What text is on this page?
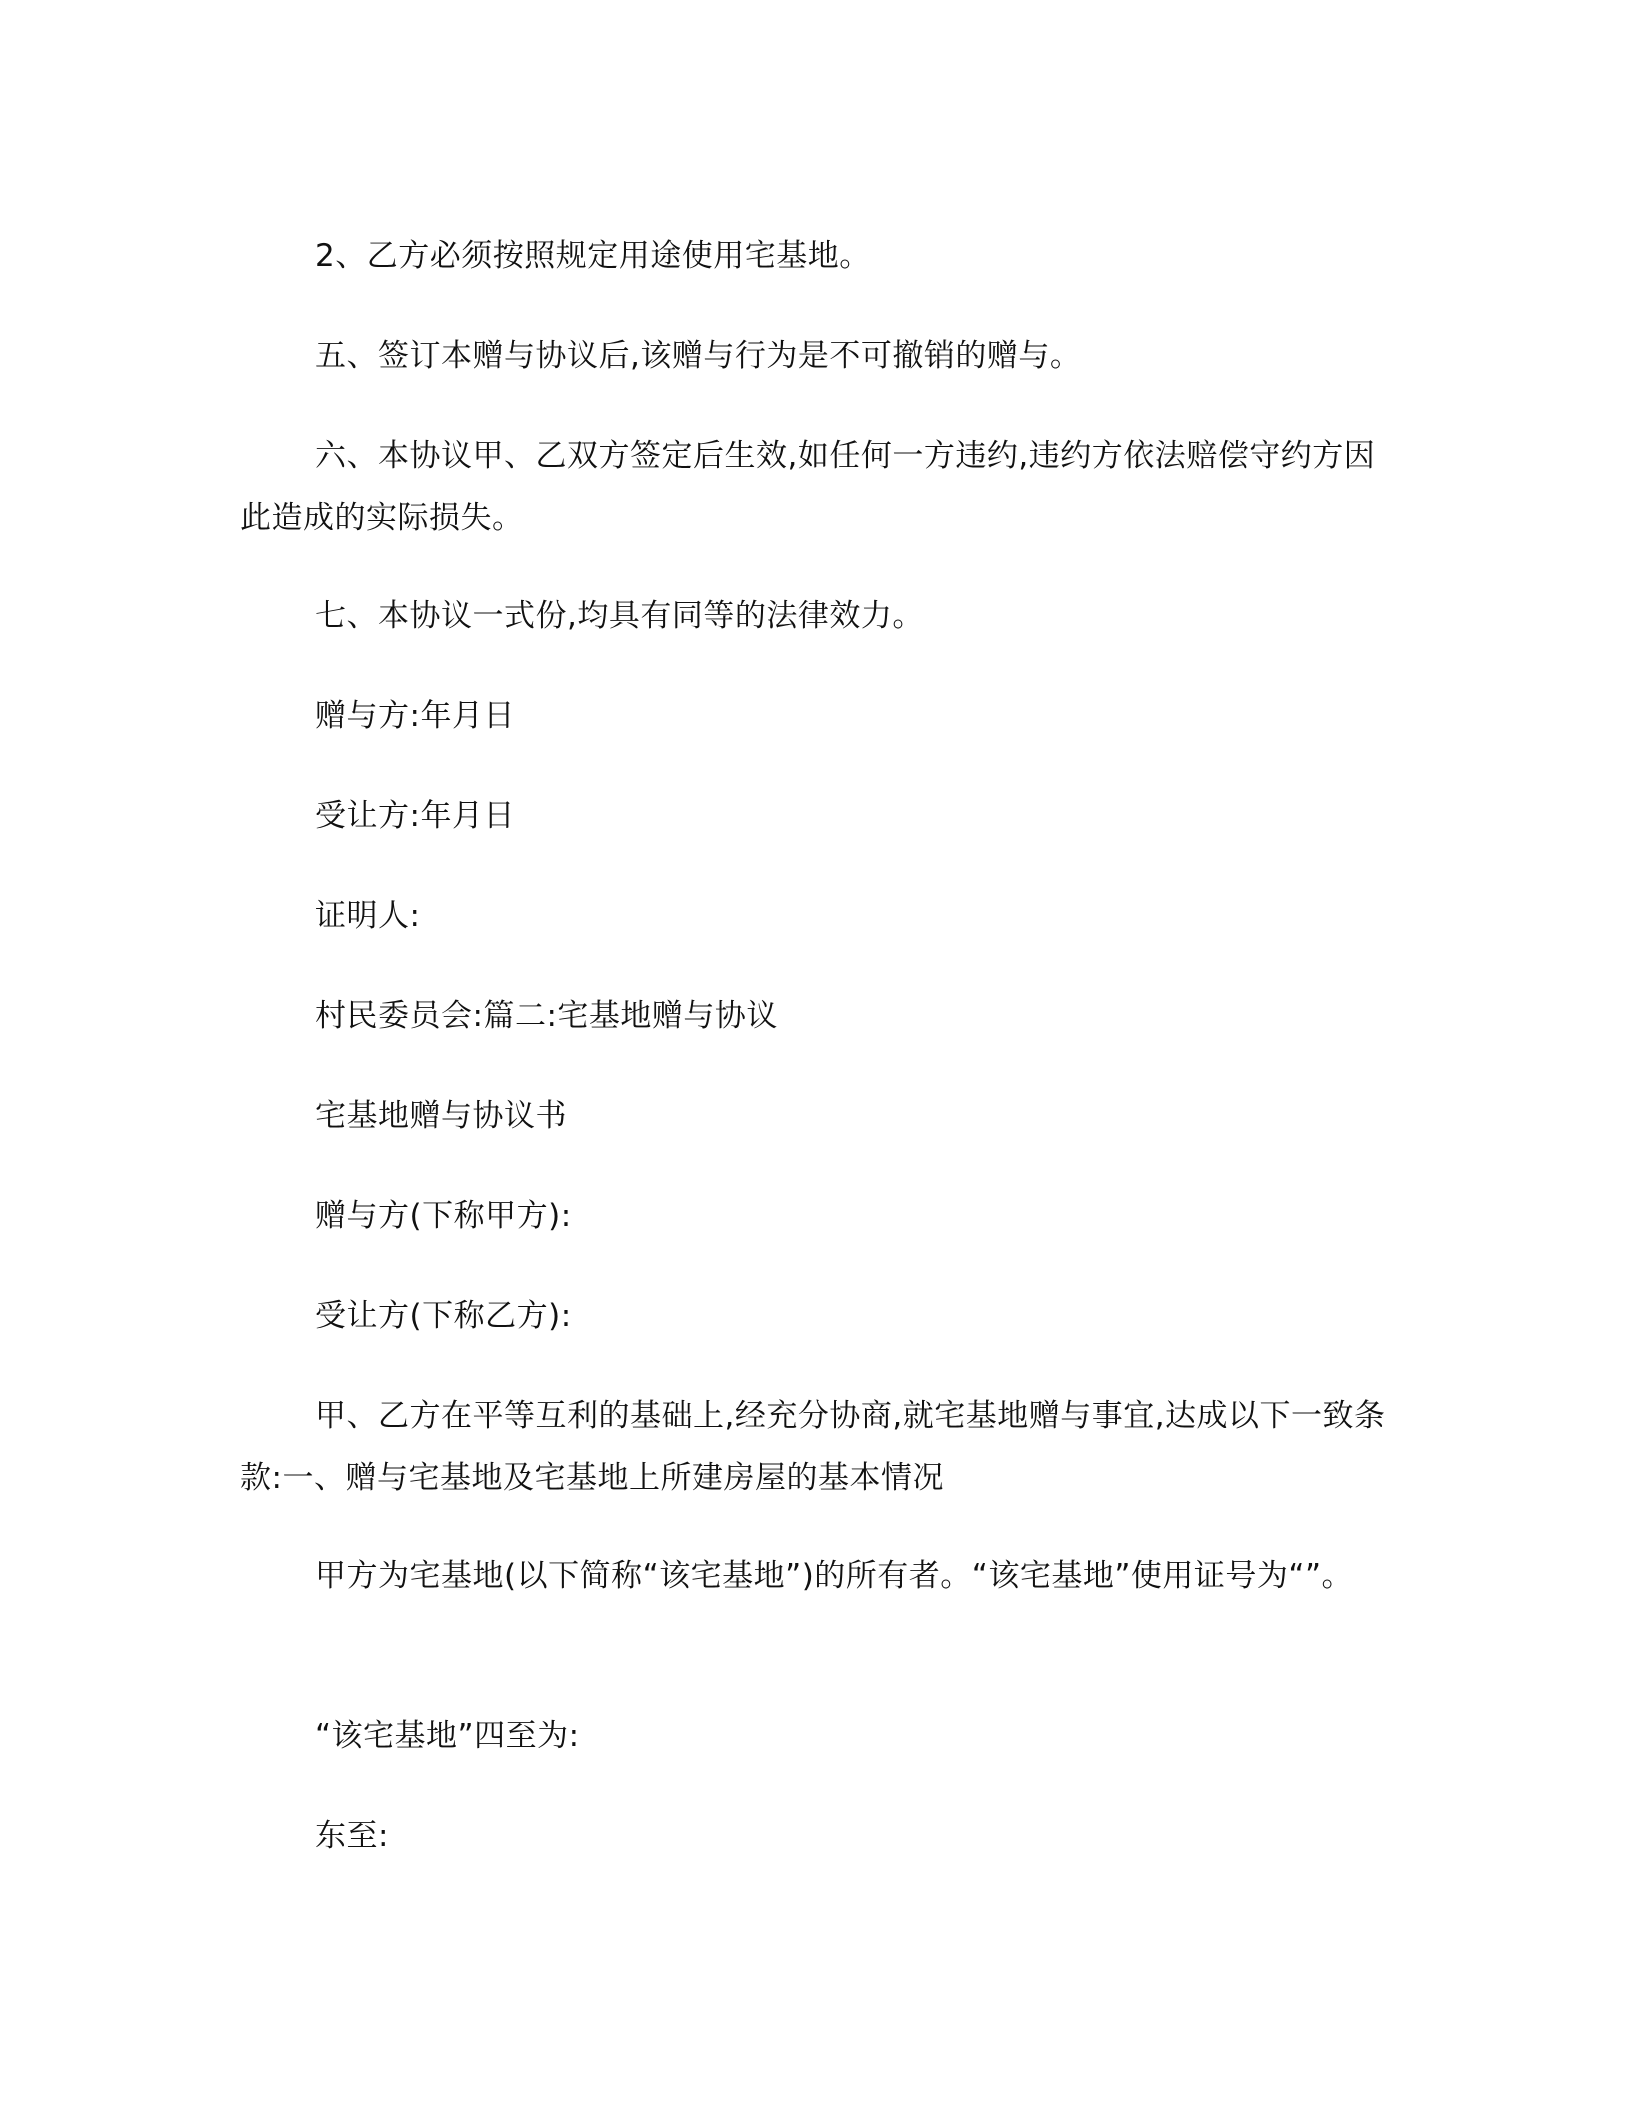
2、乙方必须按照规定用途使用宅基地。

五、签订本赠与协议后,该赠与行为是不可撤销的赠与。

六、本协议甲、乙双方签定后生效,如任何一方违约,违约方依法赔偿守约方因此造成的实际损失。

七、本协议一式份,均具有同等的法律效力。

赠与方:年月日

受让方:年月日

证明人:

村民委员会:篇二:宅基地赠与协议

宅基地赠与协议书

赠与方(下称甲方):

受让方(下称乙方):

甲、乙方在平等互利的基础上,经充分协商,就宅基地赠与事宜,达成以下一致条款:一、赠与宅基地及宅基地上所建房屋的基本情况

甲方为宅基地(以下简称“该宅基地”)的所有者。“该宅基地”使用证号为“”。

“该宅基地”四至为:

东至:
